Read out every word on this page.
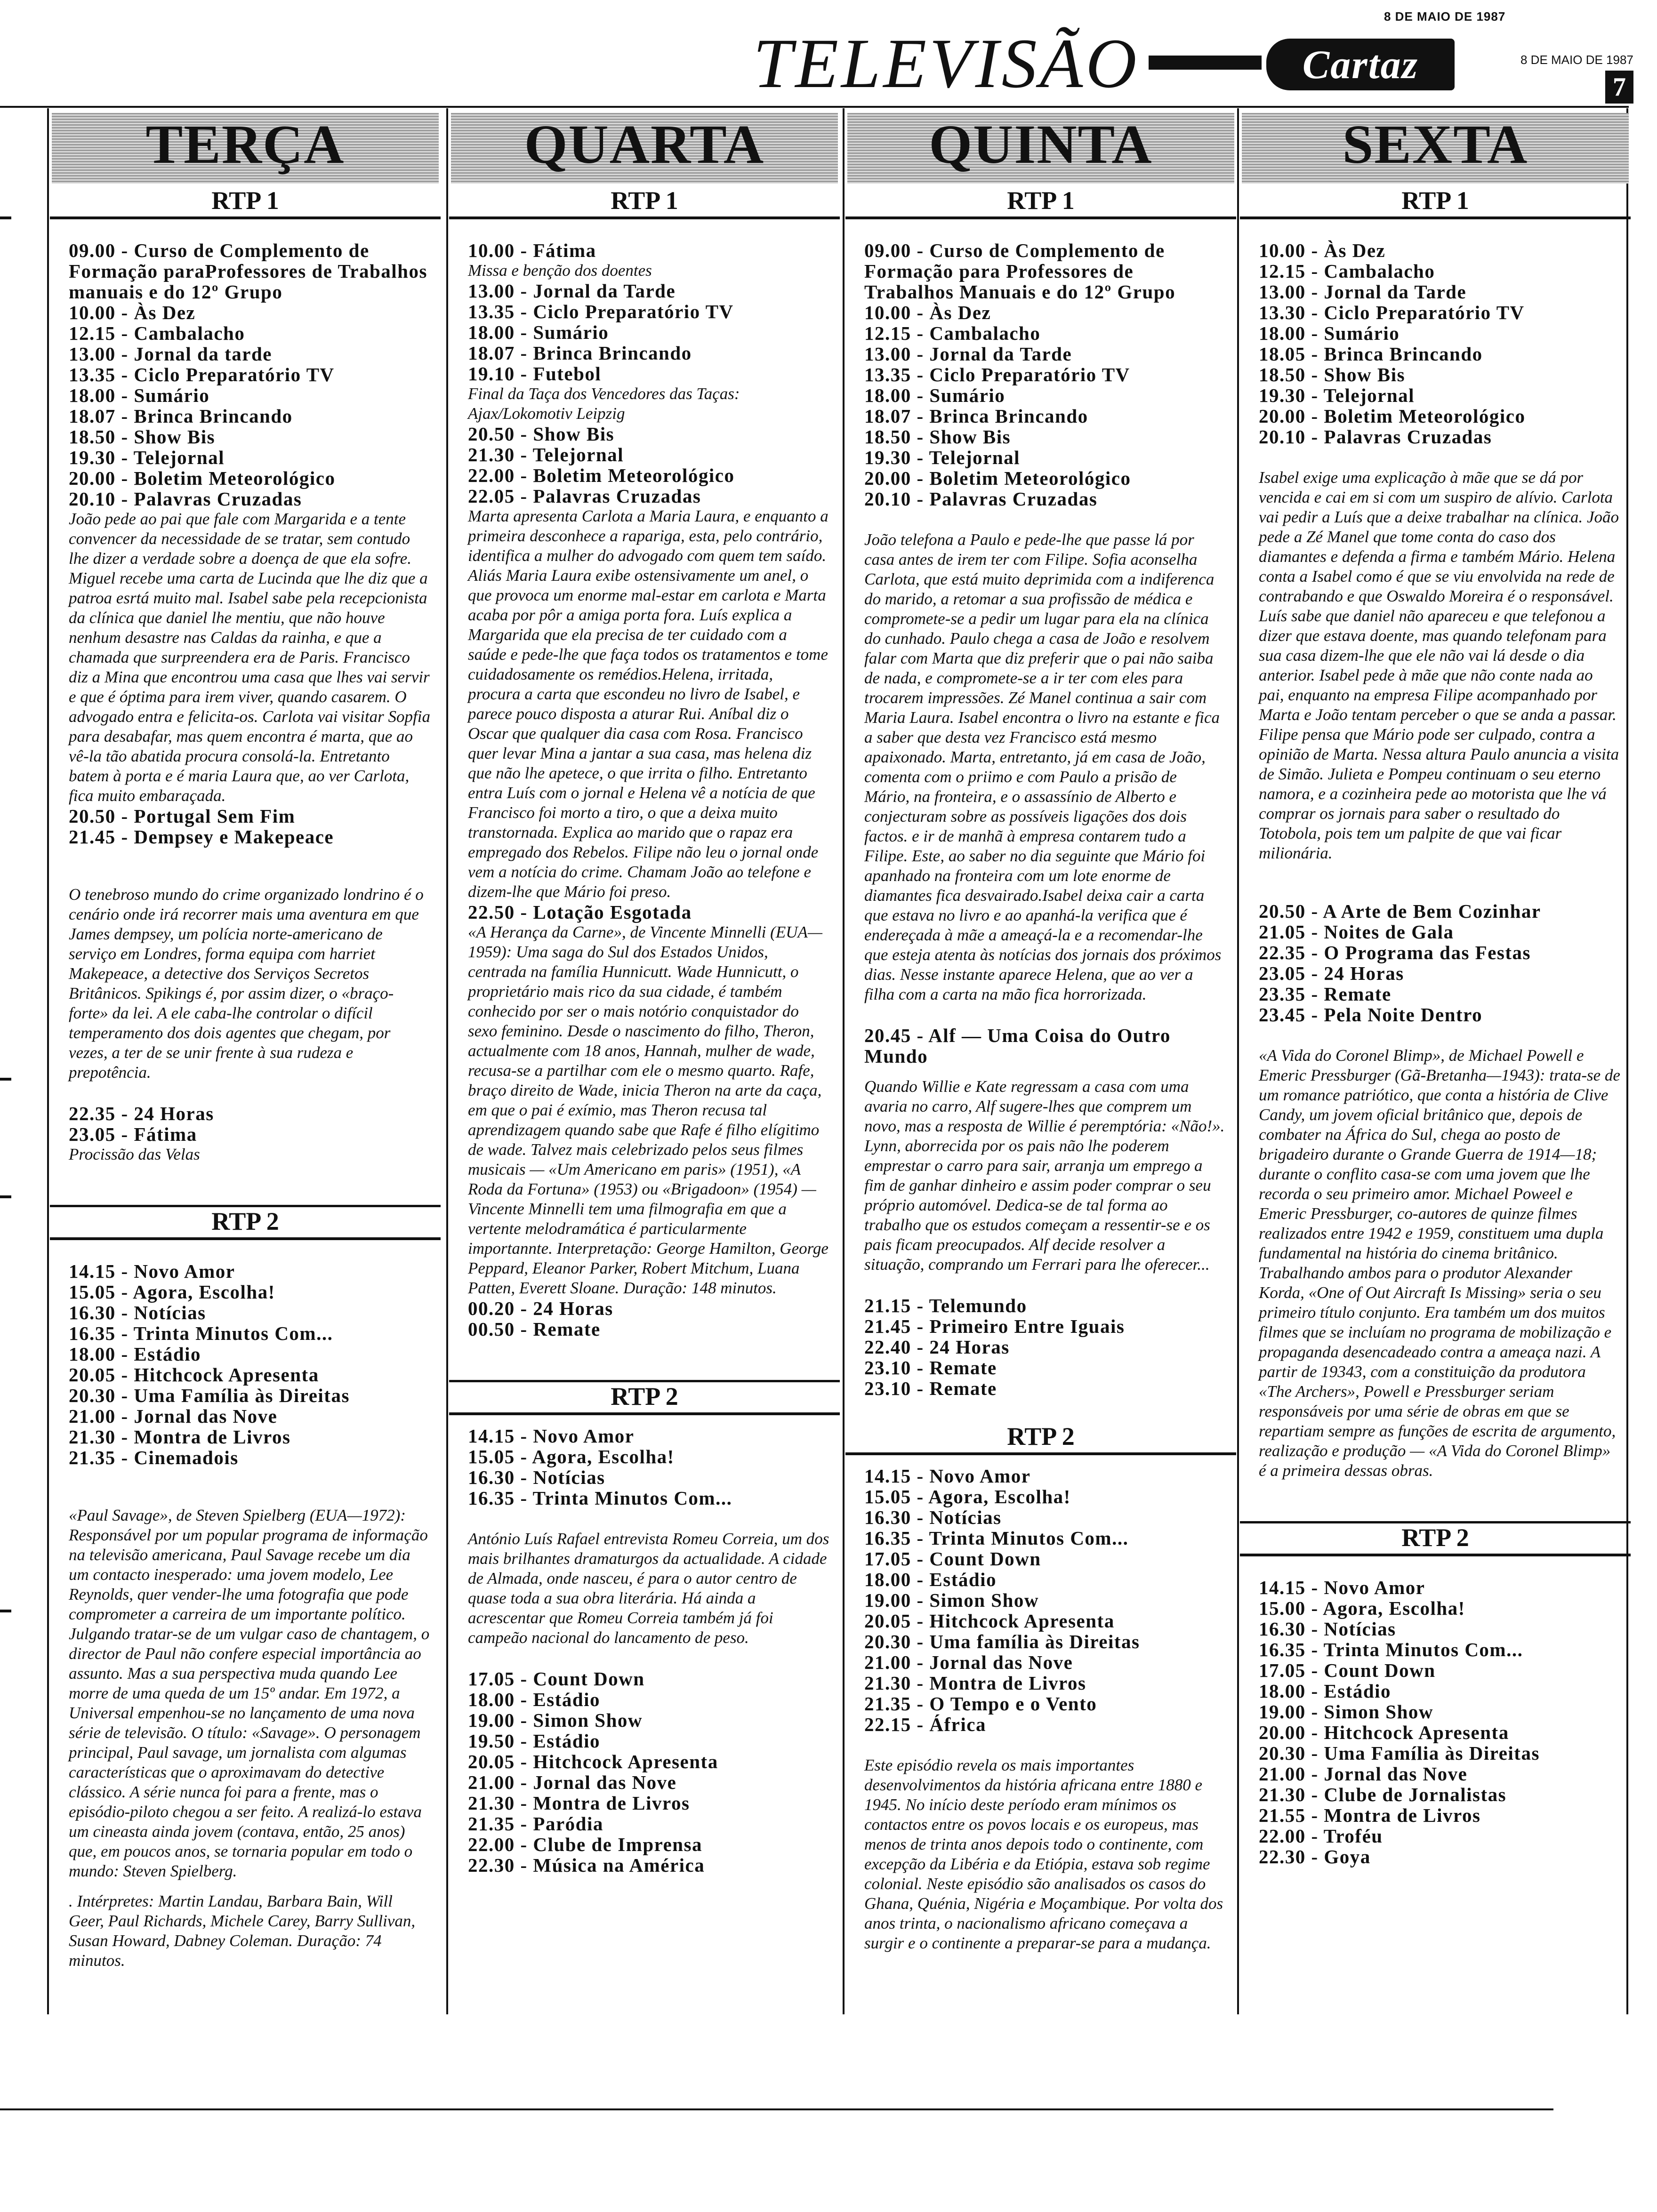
8 DE MAIO DE 1987
TELEVISÃO	Cartaz	8 DE MAIO DE 1987
7
TERÇA
RTP 1
09.00 - Curso de Complemento de Formação paraProfessores de Trabalhos manuais e do 12º Grupo
10.00 - Às Dez
12.15 - Cambalacho
13.00 - Jornal da tarde
13.35 - Ciclo Preparatório TV
18.00 - Sumário
18.07 - Brinca Brincando
18.50 - Show Bis
19.30 - Telejornal
20.00 - Boletim Meteorológico
20.10 - Palavras Cruzadas
João pede ao pai que fale com Margarida e a tente convencer da necessidade de se tratar, sem contudo lhe dizer a verdade sobre a doença de que ela sofre. Miguel recebe uma carta de Lucinda que lhe diz que a patroa esrtá muito mal. Isabel sabe pela recepcionista da clínica que daniel lhe mentiu, que não houve nenhum desastre nas Caldas da rainha, e que a chamada que surpreendera era de Paris. Francisco diz a Mina que encontrou uma casa que lhes vai servir e que é óptima para irem viver, quando casarem. O advogado entra e felicita-os. Carlota vai visitar Sopfia para desabafar, mas quem encontra é marta, que ao vê-la tão abatida procura consolá-la. Entretanto batem à porta e é maria Laura que, ao ver Carlota, fica muito embaraçada.
20.50 - Portugal Sem Fim
21.45 - Dempsey e Makepeace
O tenebroso mundo do crime organizado londrino é o cenário onde irá recorrer mais uma aventura em que James dempsey, um polícia norte-americano de serviço em Londres, forma equipa com harriet Makepeace, a detective dos Serviços Secretos Britânicos. Spikings é, por assim dizer, o «braço-forte» da lei. A ele caba-lhe controlar o difícil temperamento dos dois agentes que chegam, por vezes, a ter de se unir frente à sua rudeza e prepotência.
22.35 - 24 Horas
23.05 - Fátima
Procissão das Velas
RTP 2
14.15 - Novo Amor
15.05 - Agora, Escolha!
16.30 - Notícias
16.35 - Trinta Minutos Com...
18.00 - Estádio
20.05 - Hitchcock Apresenta
20.30 - Uma Família às Direitas
21.00 - Jornal das Nove
21.30 - Montra de Livros
21.35 - Cinemadois
«Paul Savage», de Steven Spielberg (EUA—1972): Responsável por um popular programa de informação na televisão americana, Paul Savage recebe um dia um contacto inesperado: uma jovem modelo, Lee Reynolds, quer vender-lhe uma fotografia que pode comprometer a carreira de um importante político. Julgando tratar-se de um vulgar caso de chantagem, o director de Paul não confere especial importância ao assunto. Mas a sua perspectiva muda quando Lee morre de uma queda de um 15º andar. Em 1972, a Universal empenhou-se no lançamento de uma nova série de televisão. O título: «Savage». O personagem principal, Paul savage, um jornalista com algumas características que o aproximavam do detective clássico. A série nunca foi para a frente, mas o episódio-piloto chegou a ser feito. A realizá-lo estava um cineasta ainda jovem (contava, então, 25 anos) que, em poucos anos, se tornaria popular em todo o mundo: Steven Spielberg.
. Intérpretes: Martin Landau, Barbara Bain, Will Geer, Paul Richards, Michele Carey, Barry Sullivan, Susan Howard, Dabney Coleman. Duração: 74 minutos.
QUARTA
RTP 1
10.00 - Fátima
Missa e benção dos doentes
13.00 - Jornal da Tarde
13.35 - Ciclo Preparatório TV
18.00 - Sumário
18.07 - Brinca Brincando
19.10 - Futebol
Final da Taça dos Vencedores das Taças: Ajax/Lokomotiv Leipzig
20.50 - Show Bis
21.30 - Telejornal
22.00 - Boletim Meteorológico
22.05 - Palavras Cruzadas
Marta apresenta Carlota a Maria Laura, e enquanto a primeira desconhece a rapariga, esta, pelo contrário, identifica a mulher do advogado com quem tem saído. Aliás Maria Laura exibe ostensivamente um anel, o que provoca um enorme mal-estar em carlota e Marta acaba por pôr a amiga porta fora. Luís explica a Margarida que ela precisa de ter cuidado com a saúde e pede-lhe que faça todos os tratamentos e tome cuidadosamente os remédios.Helena, irritada, procura a carta que escondeu no livro de Isabel, e parece pouco disposta a aturar Rui. Aníbal diz o Oscar que qualquer dia casa com Rosa. Francisco quer levar Mina a jantar a sua casa, mas helena diz que não lhe apetece, o que irrita o filho. Entretanto entra Luís com o jornal e Helena vê a notícia de que Francisco foi morto a tiro, o que a deixa muito transtornada. Explica ao marido que o rapaz era empregado dos Rebelos. Filipe não leu o jornal onde vem a notícia do crime. Chamam João ao telefone e dizem-lhe que Mário foi preso.
22.50 - Lotação Esgotada
«A Herança da Carne», de Vincente Minnelli (EUA—1959): Uma saga do Sul dos Estados Unidos, centrada na família Hunnicutt. Wade Hunnicutt, o proprietário mais rico da sua cidade, é também conhecido por ser o mais notório conquistador do sexo feminino. Desde o nascimento do filho, Theron, actualmente com 18 anos, Hannah, mulher de wade, recusa-se a partilhar com ele o mesmo quarto. Rafe, braço direito de Wade, inicia Theron na arte da caça, em que o pai é exímio, mas Theron recusa tal aprendizagem quando sabe que Rafe é filho elígitimo de wade. Talvez mais celebrizado pelos seus filmes musicais — «Um Americano em paris» (1951), «A Roda da Fortuna» (1953) ou «Brigadoon» (1954) — Vincente Minnelli tem uma filmografia em que a vertente melodramática é particularmente importannte. Interpretação: George Hamilton, George Peppard, Eleanor Parker, Robert Mitchum, Luana Patten, Everett Sloane. Duração: 148 minutos.
00.20 - 24 Horas
00.50 - Remate
RTP 2
14.15 - Novo Amor
15.05 - Agora, Escolha!
16.30 - Notícias
16.35 - Trinta Minutos Com...
António Luís Rafael entrevista Romeu Correia, um dos mais brilhantes dramaturgos da actualidade. A cidade de Almada, onde nasceu, é para o autor centro de quase toda a sua obra literária. Há ainda a acrescentar que Romeu Correia também já foi campeão nacional do lancamento de peso.
17.05 - Count Down
18.00 - Estádio
19.00 - Simon Show
19.50 - Estádio
20.05 - Hitchcock Apresenta
21.00 - Jornal das Nove
21.30 - Montra de Livros
21.35 - Paródia
22.00 - Clube de Imprensa
22.30 - Música na América
QUINTA
RTP 1
09.00 - Curso de Complemento de Formação para Professores de Trabalhos Manuais e do 12º Grupo
10.00 - Às Dez
12.15 - Cambalacho
13.00 - Jornal da Tarde
13.35 - Ciclo Preparatório TV
18.00 - Sumário
18.07 - Brinca Brincando
18.50 - Show Bis
19.30 - Telejornal
20.00 - Boletim Meteorológico
20.10 - Palavras Cruzadas
João telefona a Paulo e pede-lhe que passe lá por casa antes de irem ter com Filipe. Sofia aconselha Carlota, que está muito deprimida com a indiferenca do marido, a retomar a sua profissão de médica e compromete-se a pedir um lugar para ela na clínica do cunhado. Paulo chega a casa de João e resolvem falar com Marta que diz preferir que o pai não saiba de nada, e compromete-se a ir ter com eles para trocarem impressões. Zé Manel continua a sair com Maria Laura. Isabel encontra o livro na estante e fica a saber que desta vez Francisco está mesmo apaixonado. Marta, entretanto, já em casa de João, comenta com o priimo e com Paulo a prisão de Mário, na fronteira, e o assassínio de Alberto e conjecturam sobre as possíveis ligações dos dois factos. e ir de manhã à empresa contarem tudo a Filipe. Este, ao saber no dia seguinte que Mário foi apanhado na fronteira com um lote enorme de diamantes fica desvairado.Isabel deixa cair a carta que estava no livro e ao apanhá-la verifica que é endereçada à mãe a ameaçá-la e a recomendar-lhe que esteja atenta às notícias dos jornais dos próximos dias. Nesse instante aparece Helena, que ao ver a filha com a carta na mão fica horrorizada.
20.45 - Alf — Uma Coisa do Outro Mundo
Quando Willie e Kate regressam a casa com uma avaria no carro, Alf sugere-lhes que comprem um novo, mas a resposta de Willie é peremptória: «Não!». Lynn, aborrecida por os pais não lhe poderem emprestar o carro para sair, arranja um emprego a fim de ganhar dinheiro e assim poder comprar o seu próprio automóvel. Dedica-se de tal forma ao trabalho que os estudos começam a ressentir-se e os pais ficam preocupados. Alf decide resolver a situação, comprando um Ferrari para lhe oferecer...
21.15 - Telemundo
21.45 - Primeiro Entre Iguais
22.40 - 24 Horas
23.10 - Remate
23.10 - Remate
RTP 2
14.15 - Novo Amor
15.05 - Agora, Escolha!
16.30 - Notícias
16.35 - Trinta Minutos Com...
17.05 - Count Down
18.00 - Estádio
19.00 - Simon Show
20.05 - Hitchcock Apresenta
20.30 - Uma família às Direitas
21.00 - Jornal das Nove
21.30 - Montra de Livros
21.35 - O Tempo e o Vento
22.15 - África
Este episódio revela os mais importantes desenvolvimentos da história africana entre 1880 e 1945. No início deste período eram mínimos os contactos entre os povos locais e os europeus, mas menos de trinta anos depois todo o continente, com excepção da Libéria e da Etiópia, estava sob regime colonial. Neste episódio são analisados os casos do Ghana, Quénia, Nigéria e Moçambique. Por volta dos anos trinta, o nacionalismo africano começava a surgir e o continente a preparar-se para a mudança.
SEXTA
RTP 1
10.00 - Às Dez
12.15 - Cambalacho
13.00 - Jornal da Tarde
13.30 - Ciclo Preparatório TV
18.00 - Sumário
18.05 - Brinca Brincando
18.50 - Show Bis
19.30 - Telejornal
20.00 - Boletim Meteorológico
20.10 - Palavras Cruzadas
Isabel exige uma explicação à mãe que se dá por vencida e cai em si com um suspiro de alívio. Carlota vai pedir a Luís que a deixe trabalhar na clínica. João pede a Zé Manel que tome conta do caso dos diamantes e defenda a firma e também Mário. Helena conta a Isabel como é que se viu envolvida na rede de contrabando e que Oswaldo Moreira é o responsável. Luís sabe que daniel não apareceu e que telefonou a dizer que estava doente, mas quando telefonam para sua casa dizem-lhe que ele não vai lá desde o dia anterior. Isabel pede à mãe que não conte nada ao pai, enquanto na empresa Filipe acompanhado por Marta e João tentam perceber o que se anda a passar. Filipe pensa que Mário pode ser culpado, contra a opinião de Marta. Nessa altura Paulo anuncia a visita de Simão. Julieta e Pompeu continuam o seu eterno namora, e a cozinheira pede ao motorista que lhe vá comprar os jornais para saber o resultado do Totobola, pois tem um palpite de que vai ficar milionária.
20.50 - A Arte de Bem Cozinhar
21.05 - Noites de Gala
22.35 - O Programa das Festas
23.05 - 24 Horas
23.35 - Remate
23.45 - Pela Noite Dentro
«A Vida do Coronel Blimp», de Michael Powell e Emeric Pressburger (Gã-Bretanha—1943): trata-se de um romance patriótico, que conta a história de Clive Candy, um jovem oficial britânico que, depois de combater na África do Sul, chega ao posto de brigadeiro durante o Grande Guerra de 1914—18; durante o conflito casa-se com uma jovem que lhe recorda o seu primeiro amor. Michael Poweel e Emeric Pressburger, co-autores de quinze filmes realizados entre 1942 e 1959, constituem uma dupla fundamental na história do cinema britânico. Trabalhando ambos para o produtor Alexander Korda, «One of Out Aircraft Is Missing» seria o seu primeiro título conjunto. Era também um dos muitos filmes que se incluíam no programa de mobilização e propaganda desencadeado contra a ameaça nazi. A partir de 19343, com a constituição da produtora «The Archers», Powell e Pressburger seriam responsáveis por uma série de obras em que se repartiam sempre as funções de escrita de argumento, realização e produção — «A Vida do Coronel Blimp» é a primeira dessas obras.
RTP 2
14.15 - Novo Amor
15.00 - Agora, Escolha!
16.30 - Notícias
16.35 - Trinta Minutos Com...
17.05 - Count Down
18.00 - Estádio
19.00 - Simon Show
20.00 - Hitchcock Apresenta
20.30 - Uma Família às Direitas
21.00 - Jornal das Nove
21.30 - Clube de Jornalistas
21.55 - Montra de Livros
22.00 - Troféu
22.30 - Goya
